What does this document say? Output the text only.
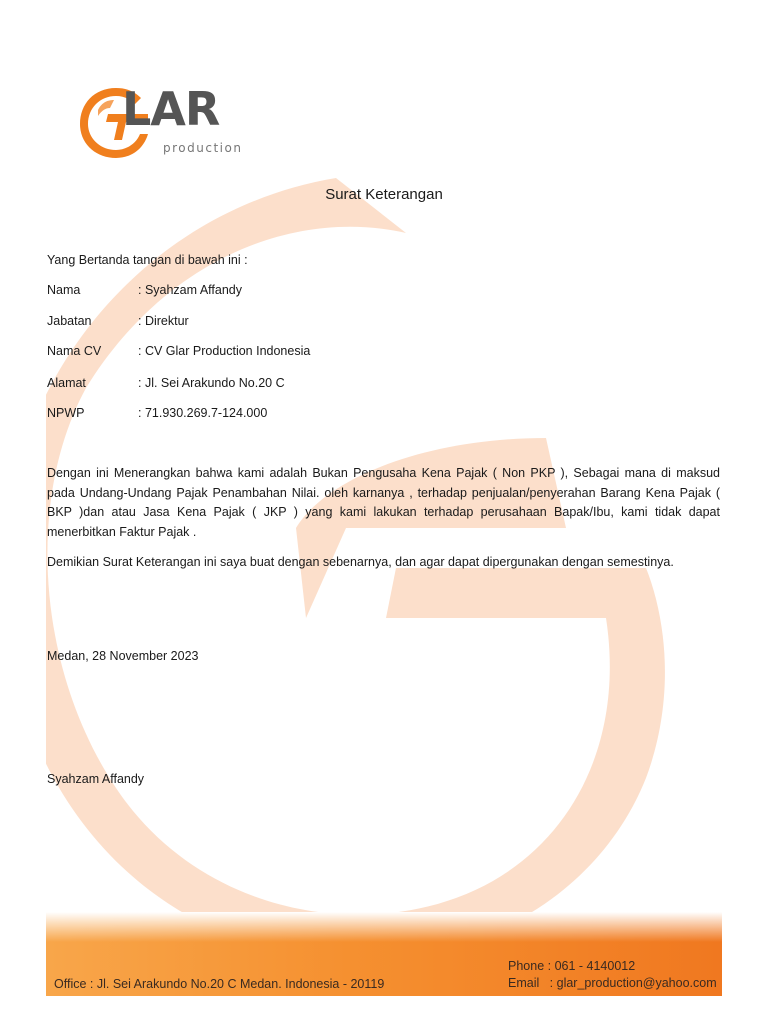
LAR
production
Surat Keterangan
Yang Bertanda tangan di bawah ini :
Nama	: Syahzam Affandy
Jabatan	: Direktur
Nama CV	: CV Glar Production Indonesia
Alamat	: Jl. Sei Arakundo No.20 C
NPWP	: 71.930.269.7-124.000
Dengan ini Menerangkan bahwa kami adalah Bukan Pengusaha Kena Pajak ( Non PKP ), Sebagai mana di maksud pada Undang-Undang Pajak Penambahan Nilai. oleh karnanya , terhadap penjualan/penyerahan Barang Kena Pajak ( BKP )dan atau Jasa Kena Pajak ( JKP ) yang kami lakukan terhadap perusahaan Bapak/Ibu, kami tidak dapat menerbitkan Faktur Pajak .
Demikian Surat Keterangan ini saya buat dengan sebenarnya, dan agar dapat dipergunakan dengan semestinya.
Medan, 28 November 2023
Syahzam Affandy
Office : Jl. Sei Arakundo No.20 C Medan. Indonesia - 20119
Phone : 061 - 4140012
Email   : glar_production@yahoo.com
